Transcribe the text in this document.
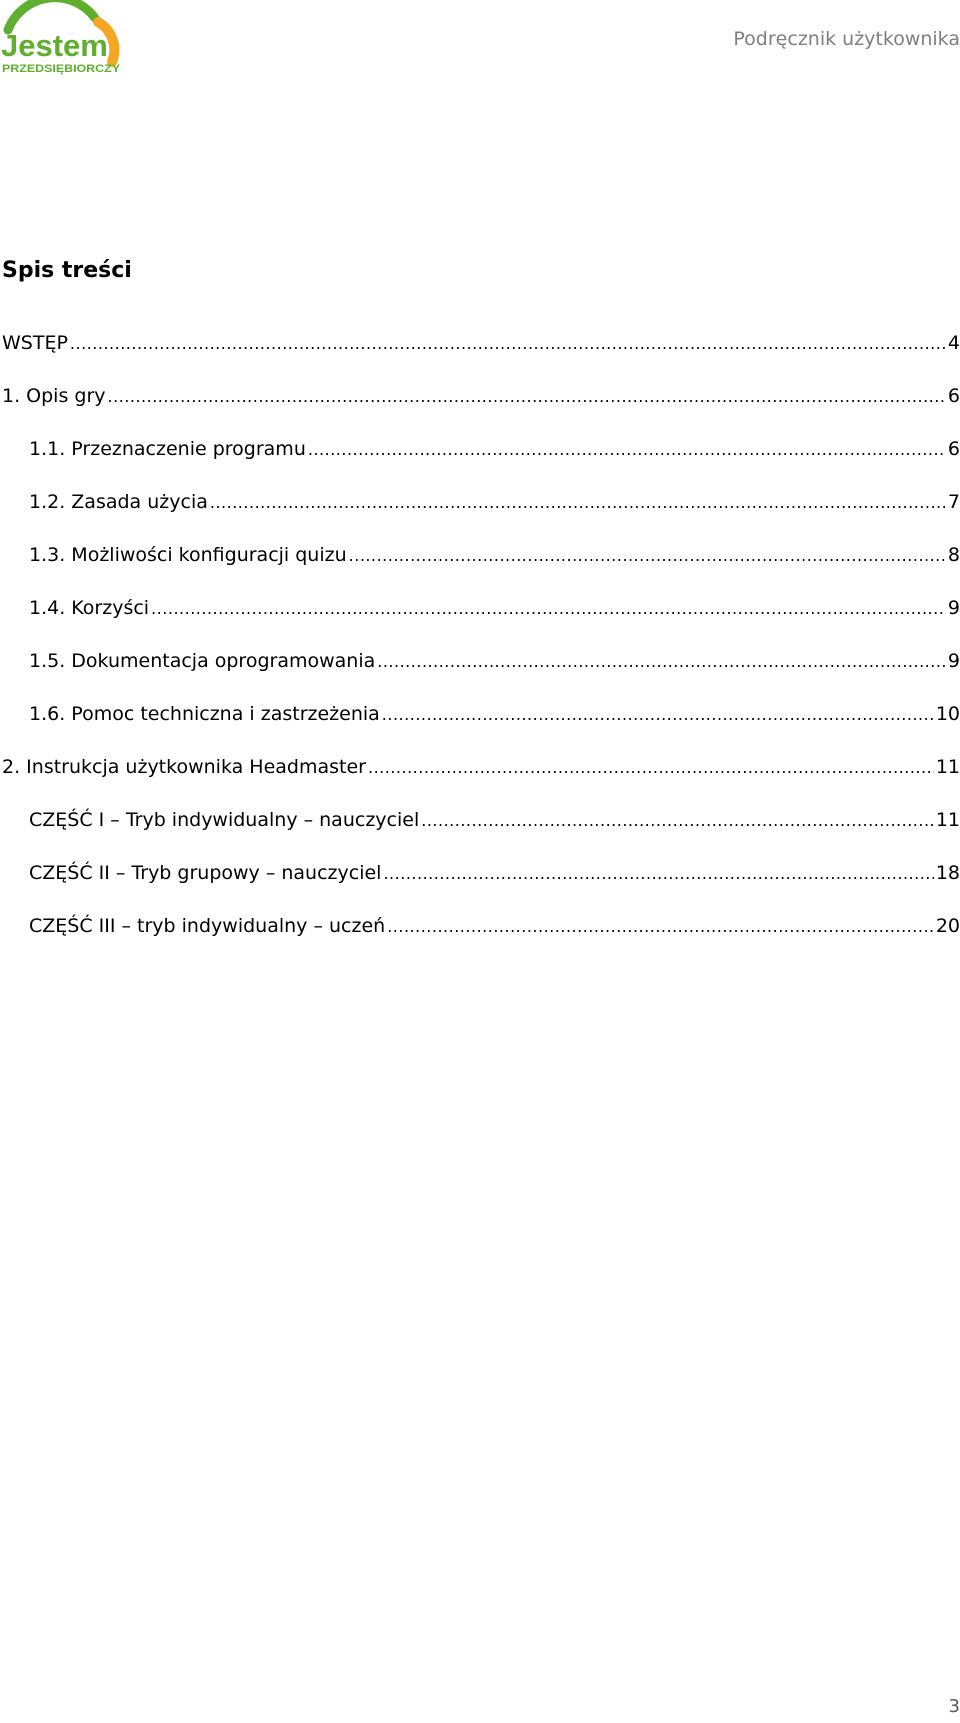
Jestem
PRZEDSIĘBIORCZY
Podręcznik użytkownika
Spis treści
WSTĘP .....	4
1. Opis gry .....	6
1.1. Przeznaczenie programu .....	6
1.2. Zasada użycia .....	7
1.3. Możliwości konfiguracji quizu .....	8
1.4. Korzyści .....	9
1.5. Dokumentacja oprogramowania .....	9
1.6. Pomoc techniczna i zastrzeżenia .....	10
2. Instrukcja użytkownika Headmaster .....	11
CZĘŚĆ I – Tryb indywidualny – nauczyciel .....	11
CZĘŚĆ II – Tryb grupowy – nauczyciel .....	18
CZĘŚĆ III – tryb indywidualny – uczeń .....	20
3
